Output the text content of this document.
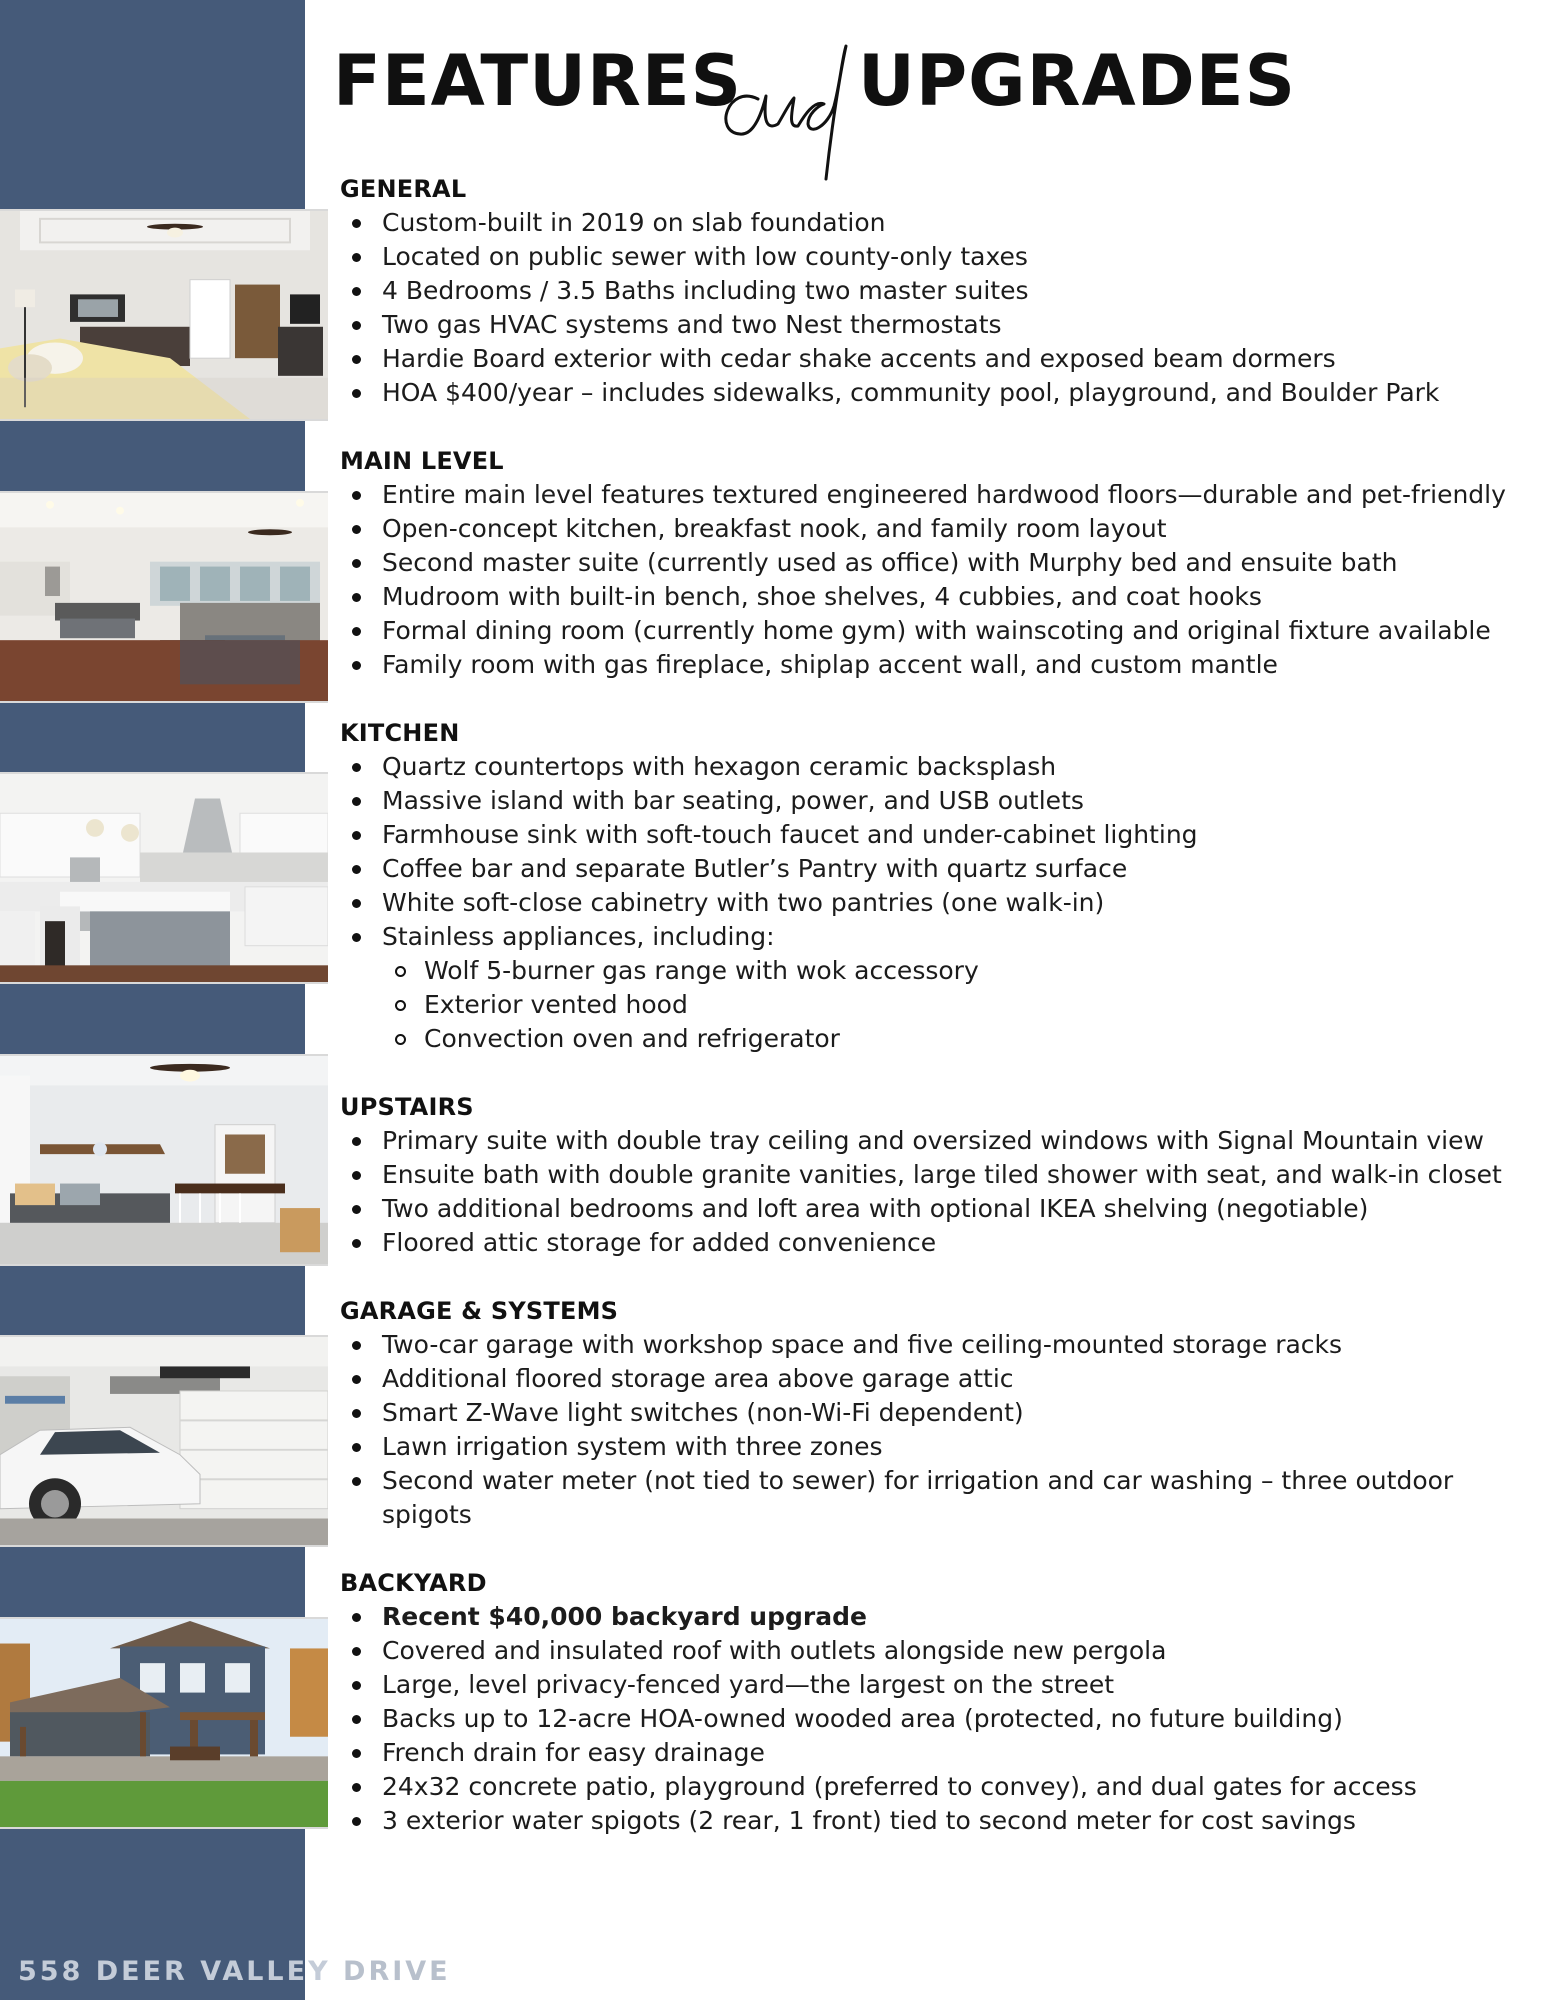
FEATURES UPGRADES
GENERAL
Custom-built in 2019 on slab foundation
Located on public sewer with low county-only taxes
4 Bedrooms / 3.5 Baths including two master suites
Two gas HVAC systems and two Nest thermostats
Hardie Board exterior with cedar shake accents and exposed beam dormers
HOA $400/year – includes sidewalks, community pool, playground, and Boulder Park
MAIN LEVEL
Entire main level features textured engineered hardwood floors—durable and pet-friendly
Open-concept kitchen, breakfast nook, and family room layout
Second master suite (currently used as office) with Murphy bed and ensuite bath
Mudroom with built-in bench, shoe shelves, 4 cubbies, and coat hooks
Formal dining room (currently home gym) with wainscoting and original fixture available
Family room with gas fireplace, shiplap accent wall, and custom mantle
KITCHEN
Quartz countertops with hexagon ceramic backsplash
Massive island with bar seating, power, and USB outlets
Farmhouse sink with soft-touch faucet and under-cabinet lighting
Coffee bar and separate Butler’s Pantry with quartz surface
White soft-close cabinetry with two pantries (one walk-in)
Stainless appliances, including:
Wolf 5-burner gas range with wok accessory
Exterior vented hood
Convection oven and refrigerator
UPSTAIRS
Primary suite with double tray ceiling and oversized windows with Signal Mountain view
Ensuite bath with double granite vanities, large tiled shower with seat, and walk-in closet
Two additional bedrooms and loft area with optional IKEA shelving (negotiable)
Floored attic storage for added convenience
GARAGE & SYSTEMS
Two-car garage with workshop space and five ceiling-mounted storage racks
Additional floored storage area above garage attic
Smart Z-Wave light switches (non-Wi-Fi dependent)
Lawn irrigation system with three zones
Second water meter (not tied to sewer) for irrigation and car washing – three outdoor spigots
BACKYARD
Recent $40,000 backyard upgrade
Covered and insulated roof with outlets alongside new pergola
Large, level privacy-fenced yard—the largest on the street
Backs up to 12-acre HOA-owned wooded area (protected, no future building)
French drain for easy drainage
24x32 concrete patio, playground (preferred to convey), and dual gates for access
3 exterior water spigots (2 rear, 1 front) tied to second meter for cost savings
558 DEER VALLEY DRIVE
